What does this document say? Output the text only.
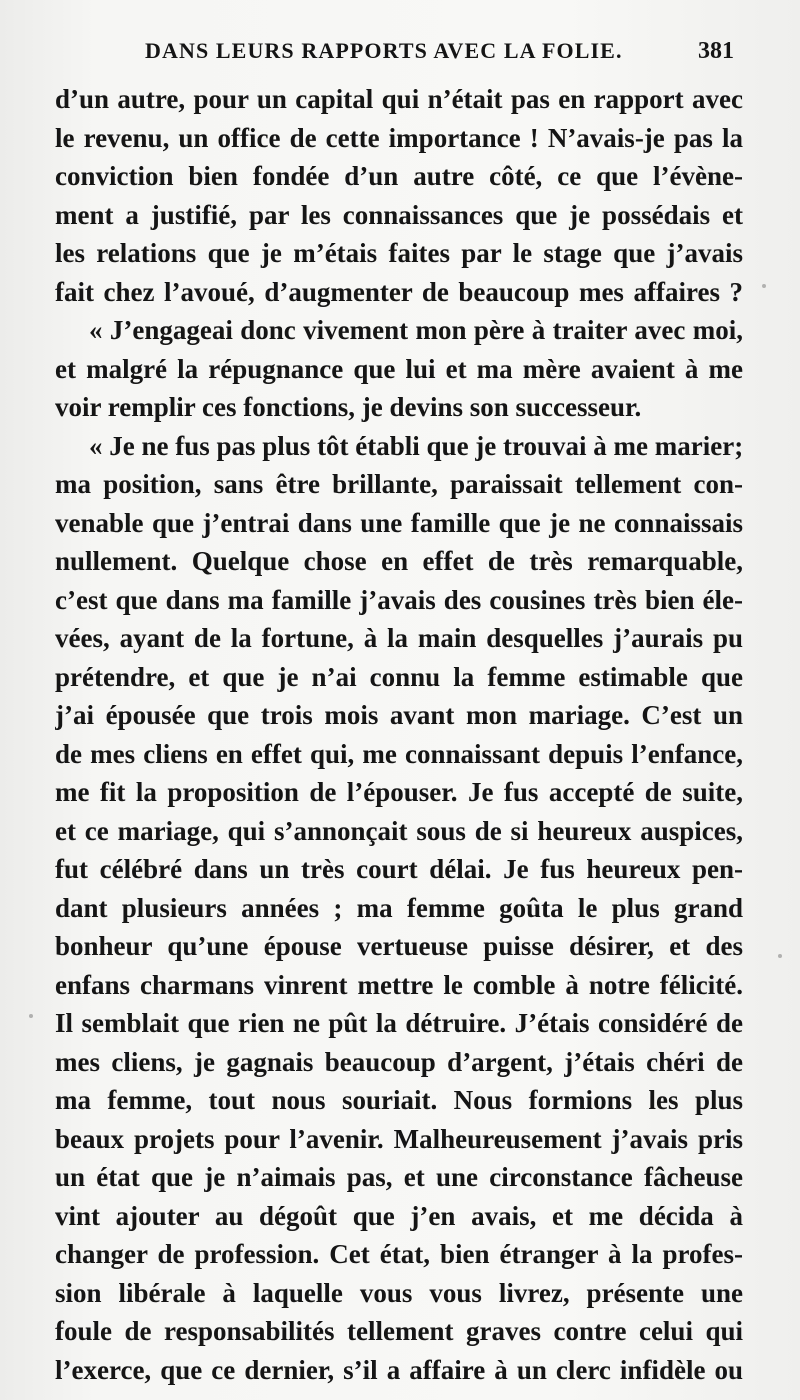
DANS LEURS RAPPORTS AVEC LA FOLIE.	381
d’un autre, pour un capital qui n’était pas en rapport avec
le revenu, un office de cette importance ! N’avais-je pas la
conviction bien fondée d’un autre côté, ce que l’évène-
ment a justifié, par les connaissances que je possédais et
les relations que je m’étais faites par le stage que j’avais
fait chez l’avoué, d’augmenter de beaucoup mes affaires ?
« J’engageai donc vivement mon père à traiter avec moi,
et malgré la répugnance que lui et ma mère avaient à me
voir remplir ces fonctions, je devins son successeur.
« Je ne fus pas plus tôt établi que je trouvai à me marier;
ma position, sans être brillante, paraissait tellement con-
venable que j’entrai dans une famille que je ne connaissais
nullement. Quelque chose en effet de très remarquable,
c’est que dans ma famille j’avais des cousines très bien éle-
vées, ayant de la fortune, à la main desquelles j’aurais pu
prétendre, et que je n’ai connu la femme estimable que
j’ai épousée que trois mois avant mon mariage. C’est un
de mes cliens en effet qui, me connaissant depuis l’enfance,
me fit la proposition de l’épouser. Je fus accepté de suite,
et ce mariage, qui s’annonçait sous de si heureux auspices,
fut célébré dans un très court délai. Je fus heureux pen-
dant plusieurs années ; ma femme goûta le plus grand
bonheur qu’une épouse vertueuse puisse désirer, et des
enfans charmans vinrent mettre le comble à notre félicité.
Il semblait que rien ne pût la détruire. J’étais considéré de
mes cliens, je gagnais beaucoup d’argent, j’étais chéri de
ma femme, tout nous souriait. Nous formions les plus
beaux projets pour l’avenir. Malheureusement j’avais pris
un état que je n’aimais pas, et une circonstance fâcheuse
vint ajouter au dégoût que j’en avais, et me décida à
changer de profession. Cet état, bien étranger à la profes-
sion libérale à laquelle vous vous livrez, présente une
foule de responsabilités tellement graves contre celui qui
l’exerce, que ce dernier, s’il a affaire à un clerc infidèle ou
